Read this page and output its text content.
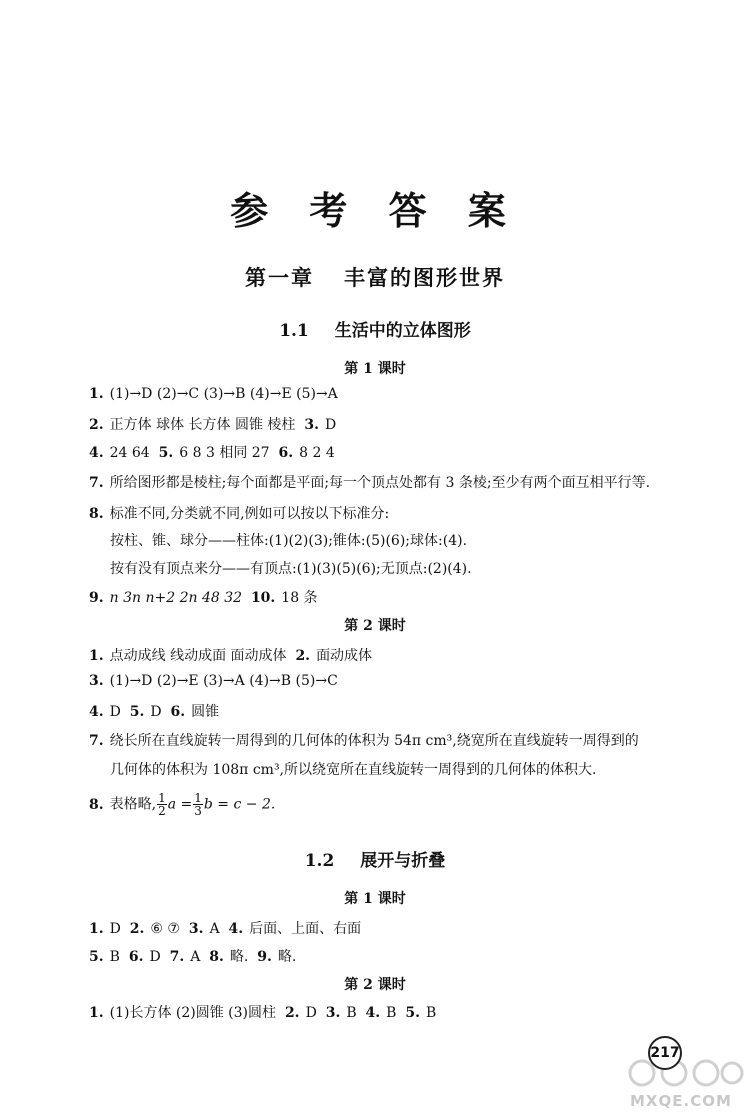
参 考 答 案
第一章 丰富的图形世界
1.1 生活中的立体图形
第 1 课时
1. (1)→D (2)→C (3)→B (4)→E (5)→A
2. 正方体 球体 长方体 圆锥 棱柱 3. D
4. 24 64 5. 6 8 3 相同 27 6. 8 2 4
7. 所给图形都是棱柱;每个面都是平面;每一个顶点处都有 3 条棱;至少有两个面互相平行等.
8. 标准不同,分类就不同,例如可以按以下标准分:
按柱、锥、球分——柱体:(1)(2)(3);锥体:(5)(6);球体:(4).
按有没有顶点来分——有顶点:(1)(3)(5)(6);无顶点:(2)(4).
9. n 3n n+2 2n 48 32 10. 18 条
第 2 课时
1. 点动成线 线动成面 面动成体 2. 面动成体
3. (1)→D (2)→E (3)→A (4)→B (5)→C
4. D 5. D 6. 圆锥
7. 绕长所在直线旋转一周得到的几何体的体积为 54π cm³,绕宽所在直线旋转一周得到的
几何体的体积为 108π cm³,所以绕宽所在直线旋转一周得到的几何体的体积大.
8. 表格略, $\frac{1}{2}$ $a = \frac{1}{3}$ b = c − 2.
1.2 展开与折叠
第 1 课时
1. D 2. ⑥ ⑦ 3. A 4. 后面、上面、右面
5. B 6. D 7. A 8. 略. 9. 略.
第 2 课时
1. (1)长方体 (2)圆锥 (3)圆柱 2. D 3. B 4. B 5. B
MXQE.COM
217
